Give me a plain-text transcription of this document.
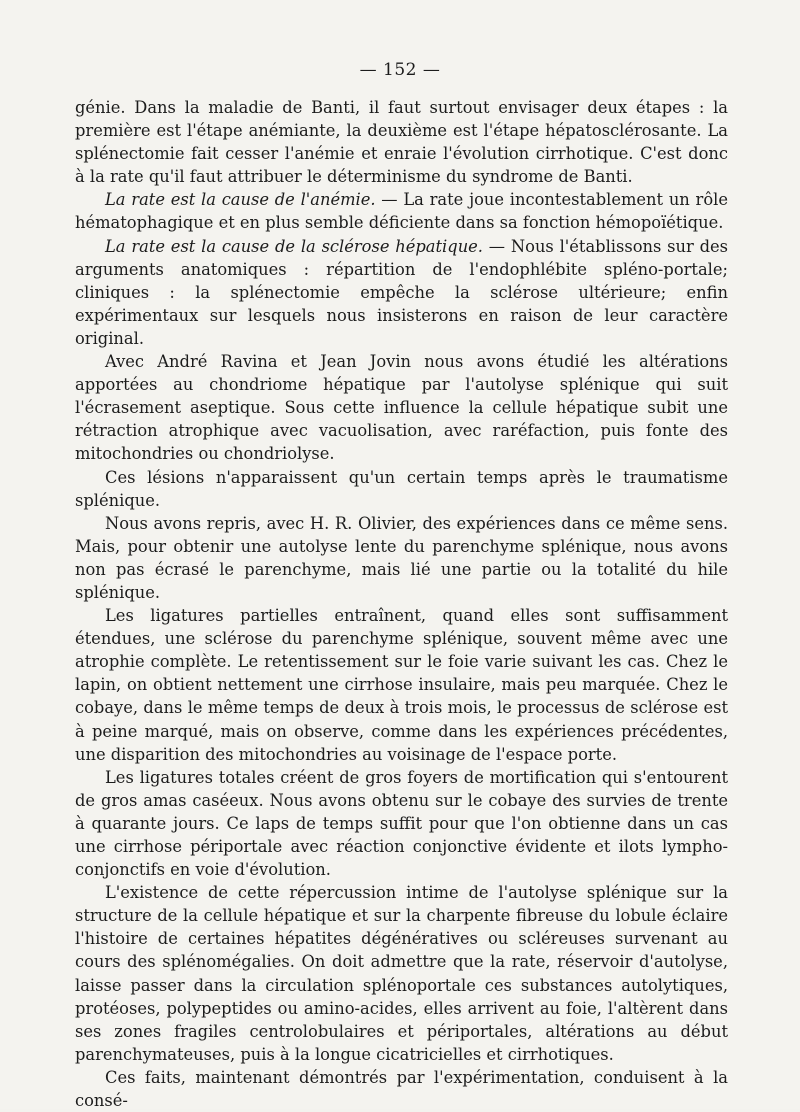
— 152 —

génie. Dans la maladie de Banti, il faut surtout envisager deux étapes : la première est l'étape anémiante, la deuxième est l'étape hépatosclérosante. La splénectomie fait cesser l'anémie et enraie l'évolution cirrhotique. C'est donc à la rate qu'il faut attribuer le déterminisme du syndrome de Banti.

La rate est la cause de l'anémie. — La rate joue incontestablement un rôle hématophagique et en plus semble déficiente dans sa fonction hémopoïétique.

La rate est la cause de la sclérose hépatique. — Nous l'établissons sur des arguments anatomiques : répartition de l'endophlébite spléno-portale; cliniques : la splénectomie empêche la sclérose ultérieure; enfin expérimentaux sur lesquels nous insisterons en raison de leur caractère original.

Avec André Ravina et Jean Jovin nous avons étudié les altérations apportées au chondriome hépatique par l'autolyse splénique qui suit l'écrasement aseptique. Sous cette influence la cellule hépatique subit une rétraction atrophique avec vacuolisation, avec raréfaction, puis fonte des mitochondries ou chondriolyse.

Ces lésions n'apparaissent qu'un certain temps après le traumatisme splénique.

Nous avons repris, avec H. R. Olivier, des expériences dans ce même sens. Mais, pour obtenir une autolyse lente du parenchyme splénique, nous avons non pas écrasé le parenchyme, mais lié une partie ou la totalité du hile splénique.

Les ligatures partielles entraînent, quand elles sont suffisamment étendues, une sclérose du parenchyme splénique, souvent même avec une atrophie complète. Le retentissement sur le foie varie suivant les cas. Chez le lapin, on obtient nettement une cirrhose insulaire, mais peu marquée. Chez le cobaye, dans le même temps de deux à trois mois, le processus de sclérose est à peine marqué, mais on observe, comme dans les expériences précédentes, une disparition des mitochondries au voisinage de l'espace porte.

Les ligatures totales créent de gros foyers de mortification qui s'entourent de gros amas caséeux. Nous avons obtenu sur le cobaye des survies de trente à quarante jours. Ce laps de temps suffit pour que l'on obtienne dans un cas une cirrhose périportale avec réaction conjonctive évidente et ilots lympho-conjonctifs en voie d'évolution.

L'existence de cette répercussion intime de l'autolyse splénique sur la structure de la cellule hépatique et sur la charpente fibreuse du lobule éclaire l'histoire de certaines hépatites dégénératives ou scléreuses survenant au cours des splénomégalies. On doit admettre que la rate, réservoir d'autolyse, laisse passer dans la circulation splénoportale ces substances autolytiques, protéoses, polypeptides ou amino-acides, elles arrivent au foie, l'altèrent dans ses zones fragiles centrolobulaires et périportales, altérations au début parenchymateuses, puis à la longue cicatricielles et cirrhotiques.

Ces faits, maintenant démontrés par l'expérimentation, conduisent à la consé-
